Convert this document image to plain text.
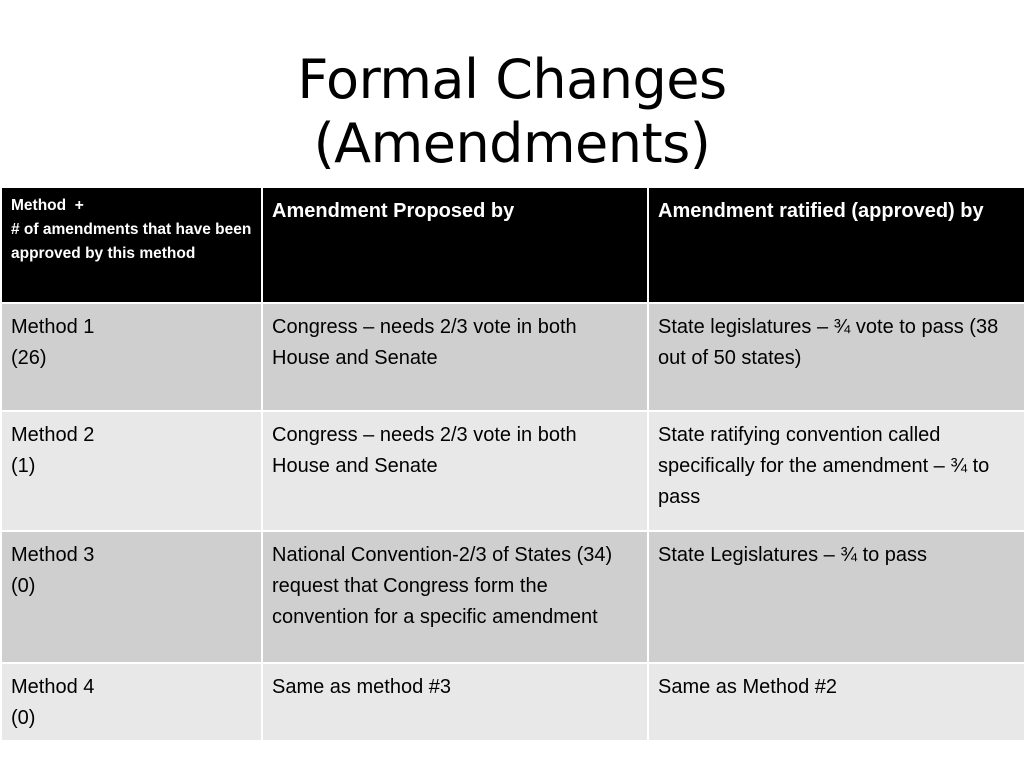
Formal Changes
(Amendments)
Method  +
# of amendments that have been approved by this method	Amendment Proposed by	Amendment ratified (approved) by

Method 1
(26)	Congress – needs 2/3 vote in both House and Senate	State legislatures – ¾ vote to pass (38 out of 50 states)

Method 2
(1)	Congress – needs 2/3 vote in both House and Senate	State ratifying convention called specifically for the amendment – ¾ to pass

Method 3
(0)	National Convention-2/3 of States (34) request that Congress form the convention for a specific amendment	State Legislatures – ¾ to pass

Method 4
(0)	Same as method #3	Same as Method #2
